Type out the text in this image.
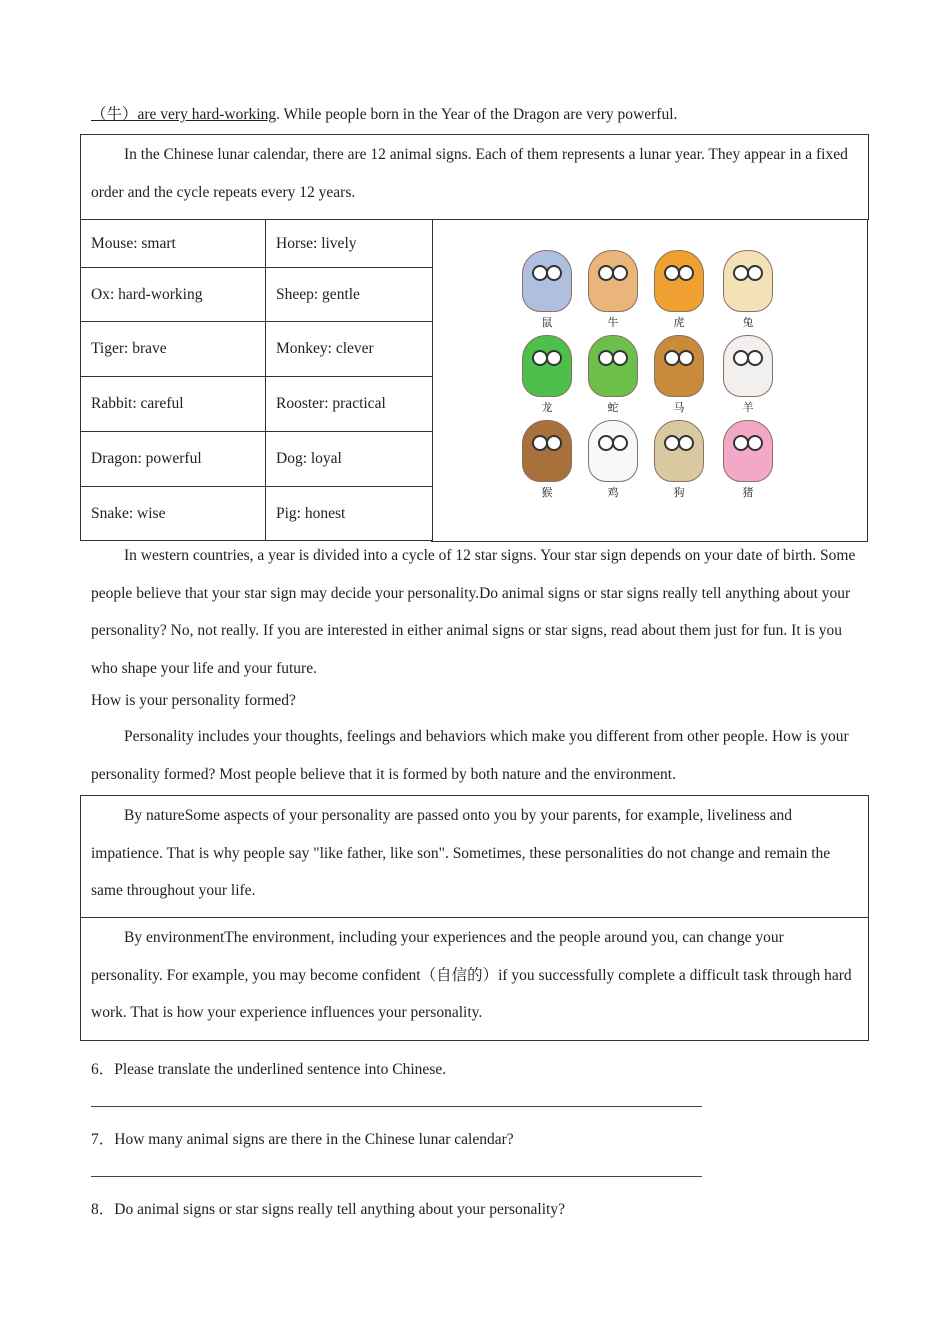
（牛）are very hard-working. While people born in the Year of the Dragon are very powerful.
In the Chinese lunar calendar, there are 12 animal signs. Each of them represents a lunar year. They appear in a fixed order and the cycle repeats every 12 years.
Mouse: smart	Horse: lively
Ox: hard-working	Sheep: gentle
Tiger: brave	Monkey: clever
Rabbit: careful	Rooster: practical
Dragon: powerful	Dog: loyal
Snake: wise	Pig: honest
鼠	牛	虎	兔
龙	蛇	马	羊
猴	鸡	狗	猪
In western countries, a year is divided into a cycle of 12 star signs. Your star sign depends on your date of birth. Some people believe that your star sign may decide your personality.Do animal signs or star signs really tell anything about your personality? No, not really. If you are interested in either animal signs or star signs, read about them just for fun. It is you who shape your life and your future.
How is your personality formed?
Personality includes your thoughts, feelings and behaviors which make you different from other people. How is your personality formed? Most people believe that it is formed by both nature and the environment.
By natureSome aspects of your personality are passed onto you by your parents, for example, liveliness and impatience. That is why people say "like father, like son". Sometimes, these personalities do not change and remain the same throughout your life.
By environmentThe environment, including your experiences and the people around you, can change your personality. For example, you may become confident（自信的）if you successfully complete a difficult task through hard work. That is how your experience influences your personality.
6．Please translate the underlined sentence into Chinese.
7．How many animal signs are there in the Chinese lunar calendar?
8．Do animal signs or star signs really tell anything about your personality?
